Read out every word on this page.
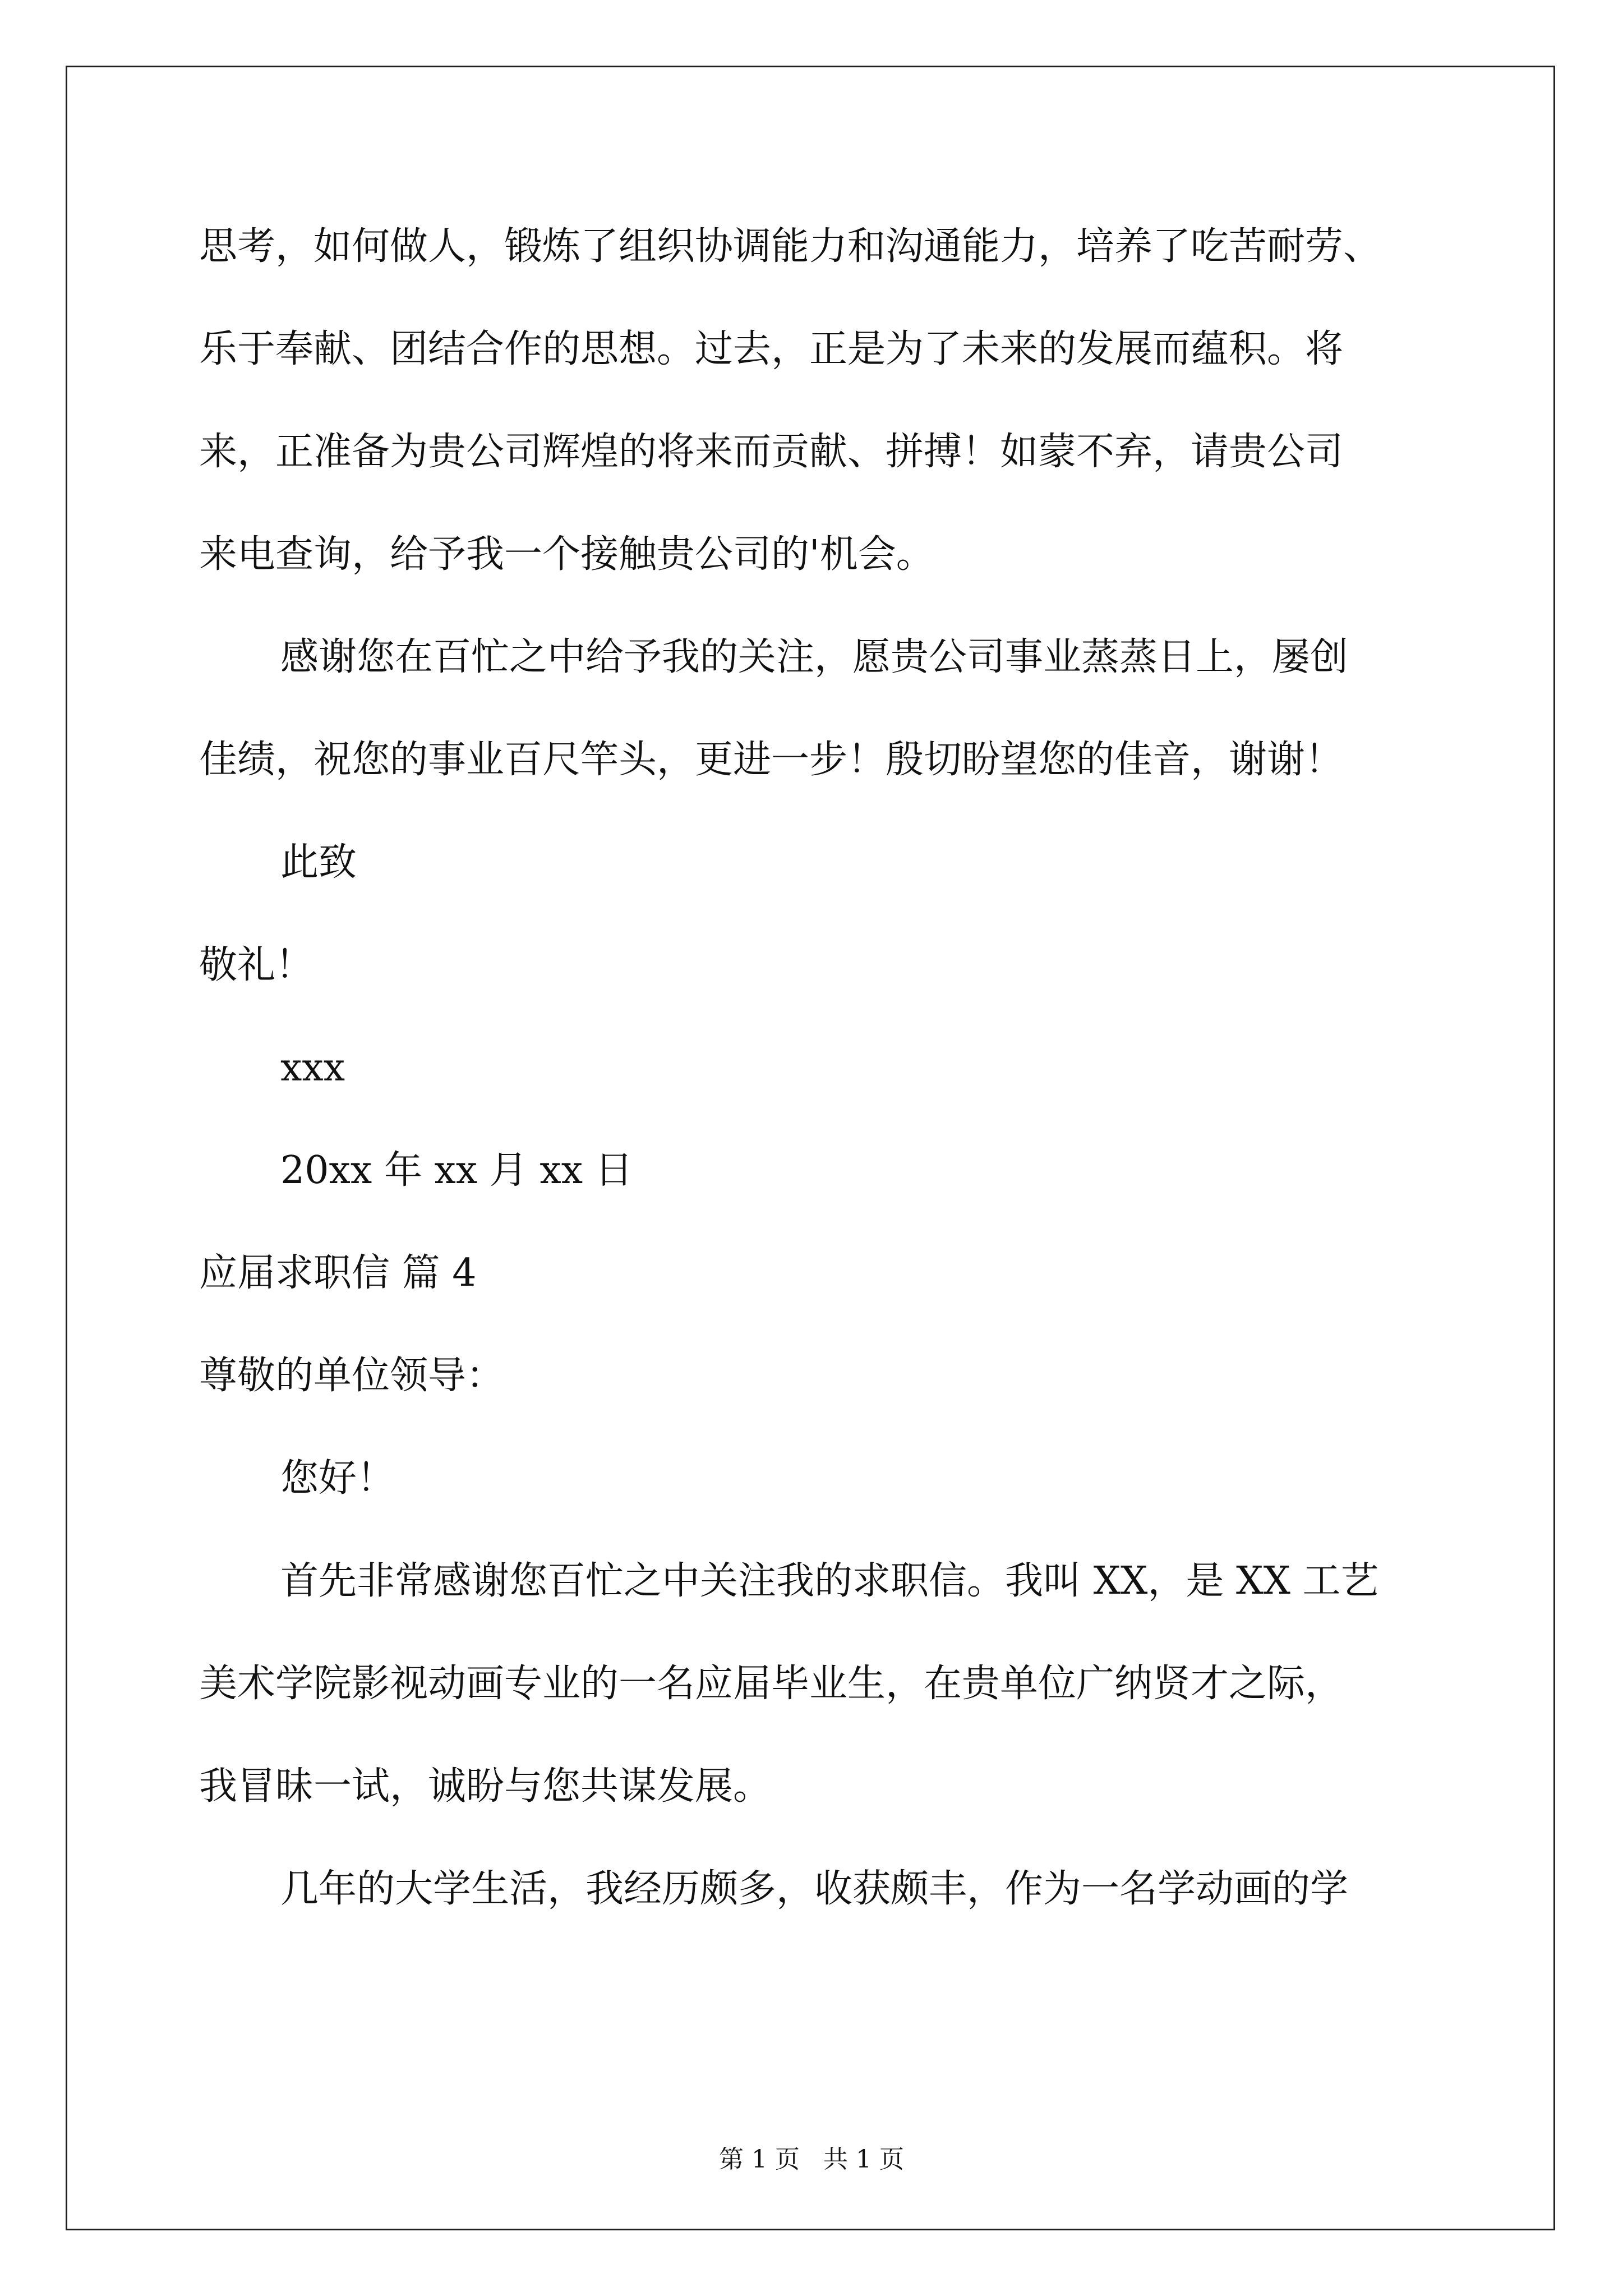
思考，如何做人，锻炼了组织协调能力和沟通能力，培养了吃苦耐劳、
乐于奉献、团结合作的思想。过去，正是为了未来的发展而蕴积。将
来，正准备为贵公司辉煌的将来而贡献、拼搏！如蒙不弃，请贵公司
来电查询，给予我一个接触贵公司的'机会。
感谢您在百忙之中给予我的关注，愿贵公司事业蒸蒸日上，屡创
佳绩，祝您的事业百尺竿头，更进一步！殷切盼望您的佳音，谢谢！
此致
敬礼！
xxx
20xx 年 xx 月 xx 日
应届求职信 篇 4
尊敬的单位领导：
您好！
首先非常感谢您百忙之中关注我的求职信。我叫 XX，是 XX 工艺
美术学院影视动画专业的一名应届毕业生，在贵单位广纳贤才之际，
我冒昧一试，诚盼与您共谋发展。
几年的大学生活，我经历颇多，收获颇丰，作为一名学动画的学
第 1 页 共 1 页
